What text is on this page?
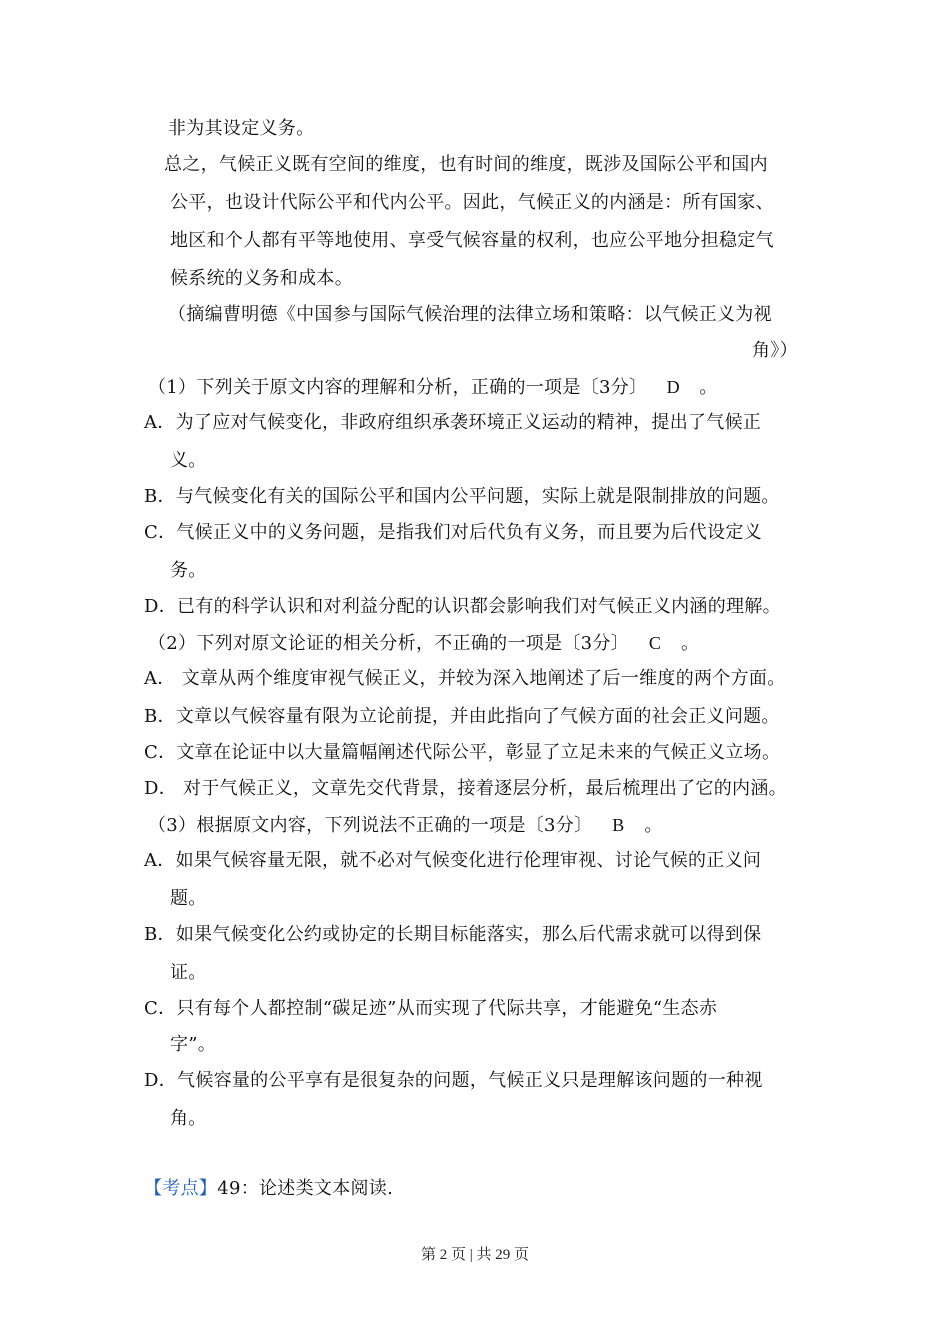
非为其设定义务。
总之，气候正义既有空间的维度，也有时间的维度，既涉及国际公平和国内
公平，也设计代际公平和代内公平。因此，气候正义的内涵是：所有国家、
地区和个人都有平等地使用、享受气候容量的权利，也应公平地分担稳定气
候系统的义务和成本。
（摘编曹明德《中国参与国际气候治理的法律立场和策略：以气候正义为视
角》）
（1）下列关于原文内容的理解和分析，正确的一项是〔3分〕 D 。
A．为了应对气候变化，非政府组织承袭环境正义运动的精神，提出了气候正
义。
B．与气候变化有关的国际公平和国内公平问题，实际上就是限制排放的问题。
C．气候正义中的义务问题，是指我们对后代负有义务，而且要为后代设定义
务。
D．已有的科学认识和对利益分配的认识都会影响我们对气候正义内涵的理解。
（2）下列对原文论证的相关分析，不正确的一项是〔3分〕 C 。
A． 文章从两个维度审视气候正义，并较为深入地阐述了后一维度的两个方面。
B．文章以气候容量有限为立论前提，并由此指向了气候方面的社会正义问题。
C．文章在论证中以大量篇幅阐述代际公平，彰显了立足未来的气候正义立场。
D． 对于气候正义，文章先交代背景，接着逐层分析，最后梳理出了它的内涵。
（3）根据原文内容，下列说法不正确的一项是〔3分〕 B 。
A．如果气候容量无限，就不必对气候变化进行伦理审视、讨论气候的正义问
题。
B．如果气候变化公约或协定的长期目标能落实，那么后代需求就可以得到保
证。
C．只有每个人都控制“碳足迹”从而实现了代际共享，才能避免“生态赤
字”。
D．气候容量的公平享有是很复杂的问题，气候正义只是理解该问题的一种视
角。
【考点】49：论述类文本阅读.
第 2 页 | 共 29 页
